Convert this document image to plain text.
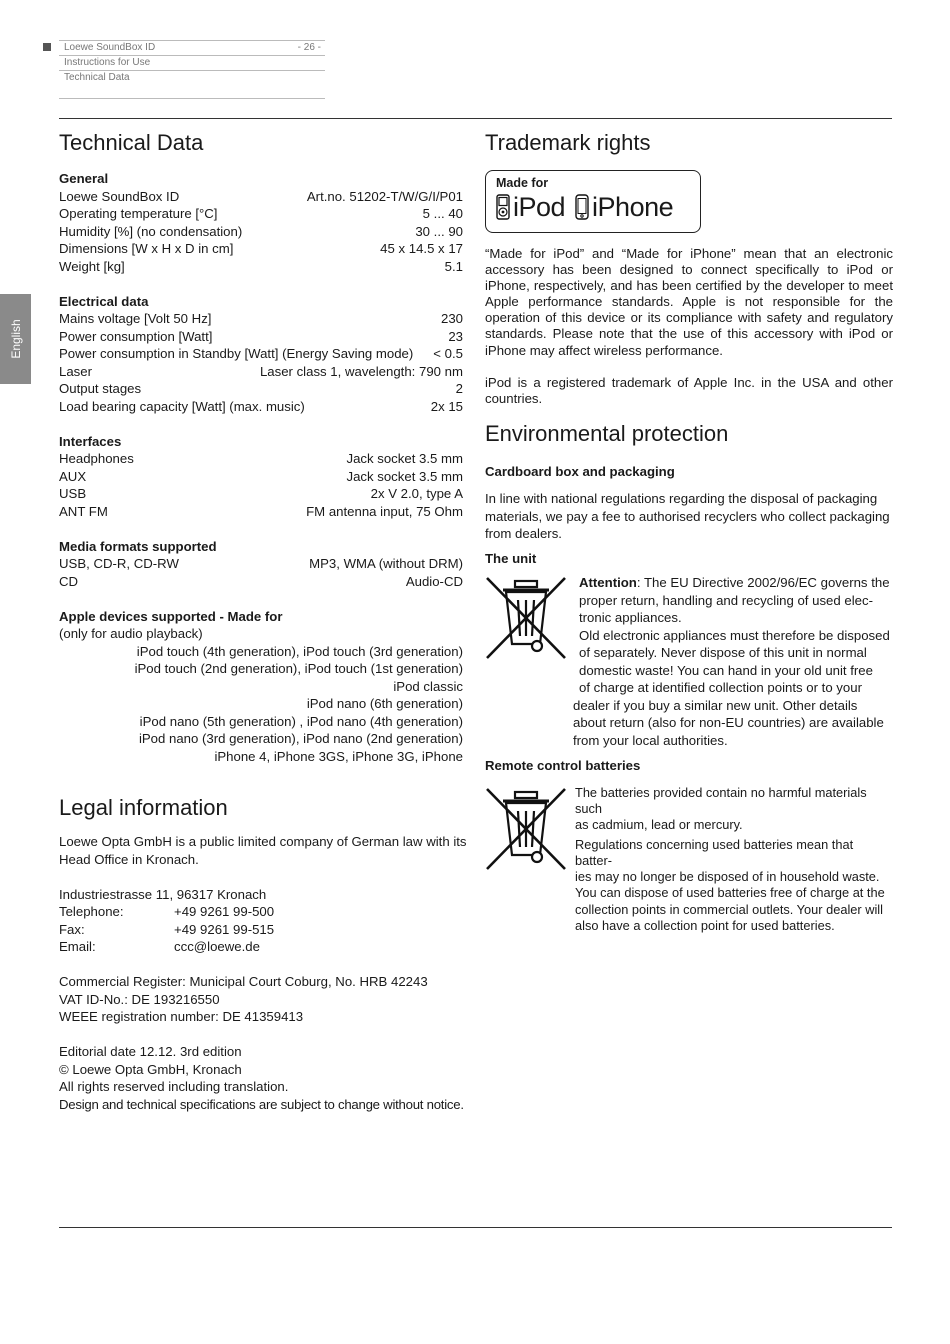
Loewe SoundBox ID	- 26 -
Instructions for Use
Technical Data
English
Technical Data
General
Loewe SoundBox ID	Art.no. 51202-T/W/G/I/P01
Operating temperature [°C]	5 ... 40
Humidity [%] (no condensation)	30 ... 90
Dimensions [W x H x D in cm]	45 x 14.5 x 17
Weight [kg]	5.1
Electrical data
Mains voltage [Volt 50 Hz]	230
Power consumption [Watt]	23
Power consumption in Standby [Watt] (Energy Saving mode) < 0.5
Laser	Laser class 1, wavelength: 790 nm
Output stages	2
Load bearing capacity [Watt] (max. music)	2x 15
Interfaces
Headphones	Jack socket 3.5 mm
AUX	Jack socket 3.5 mm
USB	2x V 2.0, type A
ANT FM	FM antenna input, 75 Ohm
Media formats supported
USB, CD-R, CD-RW	MP3, WMA (without DRM)
CD	Audio-CD
Apple devices supported - Made for
(only for audio playback)
iPod touch (4th generation), iPod touch (3rd generation)
iPod touch (2nd generation), iPod touch (1st generation)
iPod classic
iPod nano (6th generation)
iPod nano (5th generation) , iPod nano (4th generation)
iPod nano (3rd generation), iPod nano (2nd generation)
iPhone 4, iPhone 3GS, iPhone 3G, iPhone
Legal information
Loewe Opta GmbH is a public limited company of German law with its Head Office in Kronach.
Industriestrasse 11, 96317 Kronach
Telephone:	+49 9261 99-500
Fax:	+49 9261 99-515
Email:	ccc@loewe.de
Commercial Register: Municipal Court Coburg, No. HRB 42243
VAT ID-No.: DE 193216550
WEEE registration number: DE 41359413
Editorial date 12.12. 3rd edition
© Loewe Opta GmbH, Kronach
All rights reserved including translation.
Design and technical specifications are subject to change without notice.
Trademark rights
Made for
iPod iPhone
“Made for iPod” and “Made for iPhone” mean that an electronic accessory has been designed to connect specifically to iPod or iPhone, respectively, and has been certified by the developer to meet Apple performance standards. Apple is not responsible for the operation of this device or its compliance with safety and regulatory standards. Please note that the use of this accessory with iPod or iPhone may affect wireless performance.
iPod is a registered trademark of Apple Inc. in the USA and other countries.
Environmental protection
Cardboard box and packaging
In line with national regulations regarding the disposal of packaging materials, we pay a fee to authorised recyclers who collect packaging from dealers.
The unit
Attention: The EU Directive 2002/96/EC governs the
proper return, handling and recycling of used elec-
tronic appliances.
Old electronic appliances must therefore be disposed
of separately. Never dispose of this unit in normal
domestic waste! You can hand in your old unit free
of charge at identified collection points or to your
dealer if you buy a similar new unit. Other details
about return (also for non-EU countries) are available
from your local authorities.
Remote control batteries
The batteries provided contain no harmful materials such
as cadmium, lead or mercury.
Regulations concerning used batteries mean that batter-
ies may no longer be disposed of in household waste.
You can dispose of used batteries free of charge at the
collection points in commercial outlets. Your dealer will
also have a collection point for used batteries.
